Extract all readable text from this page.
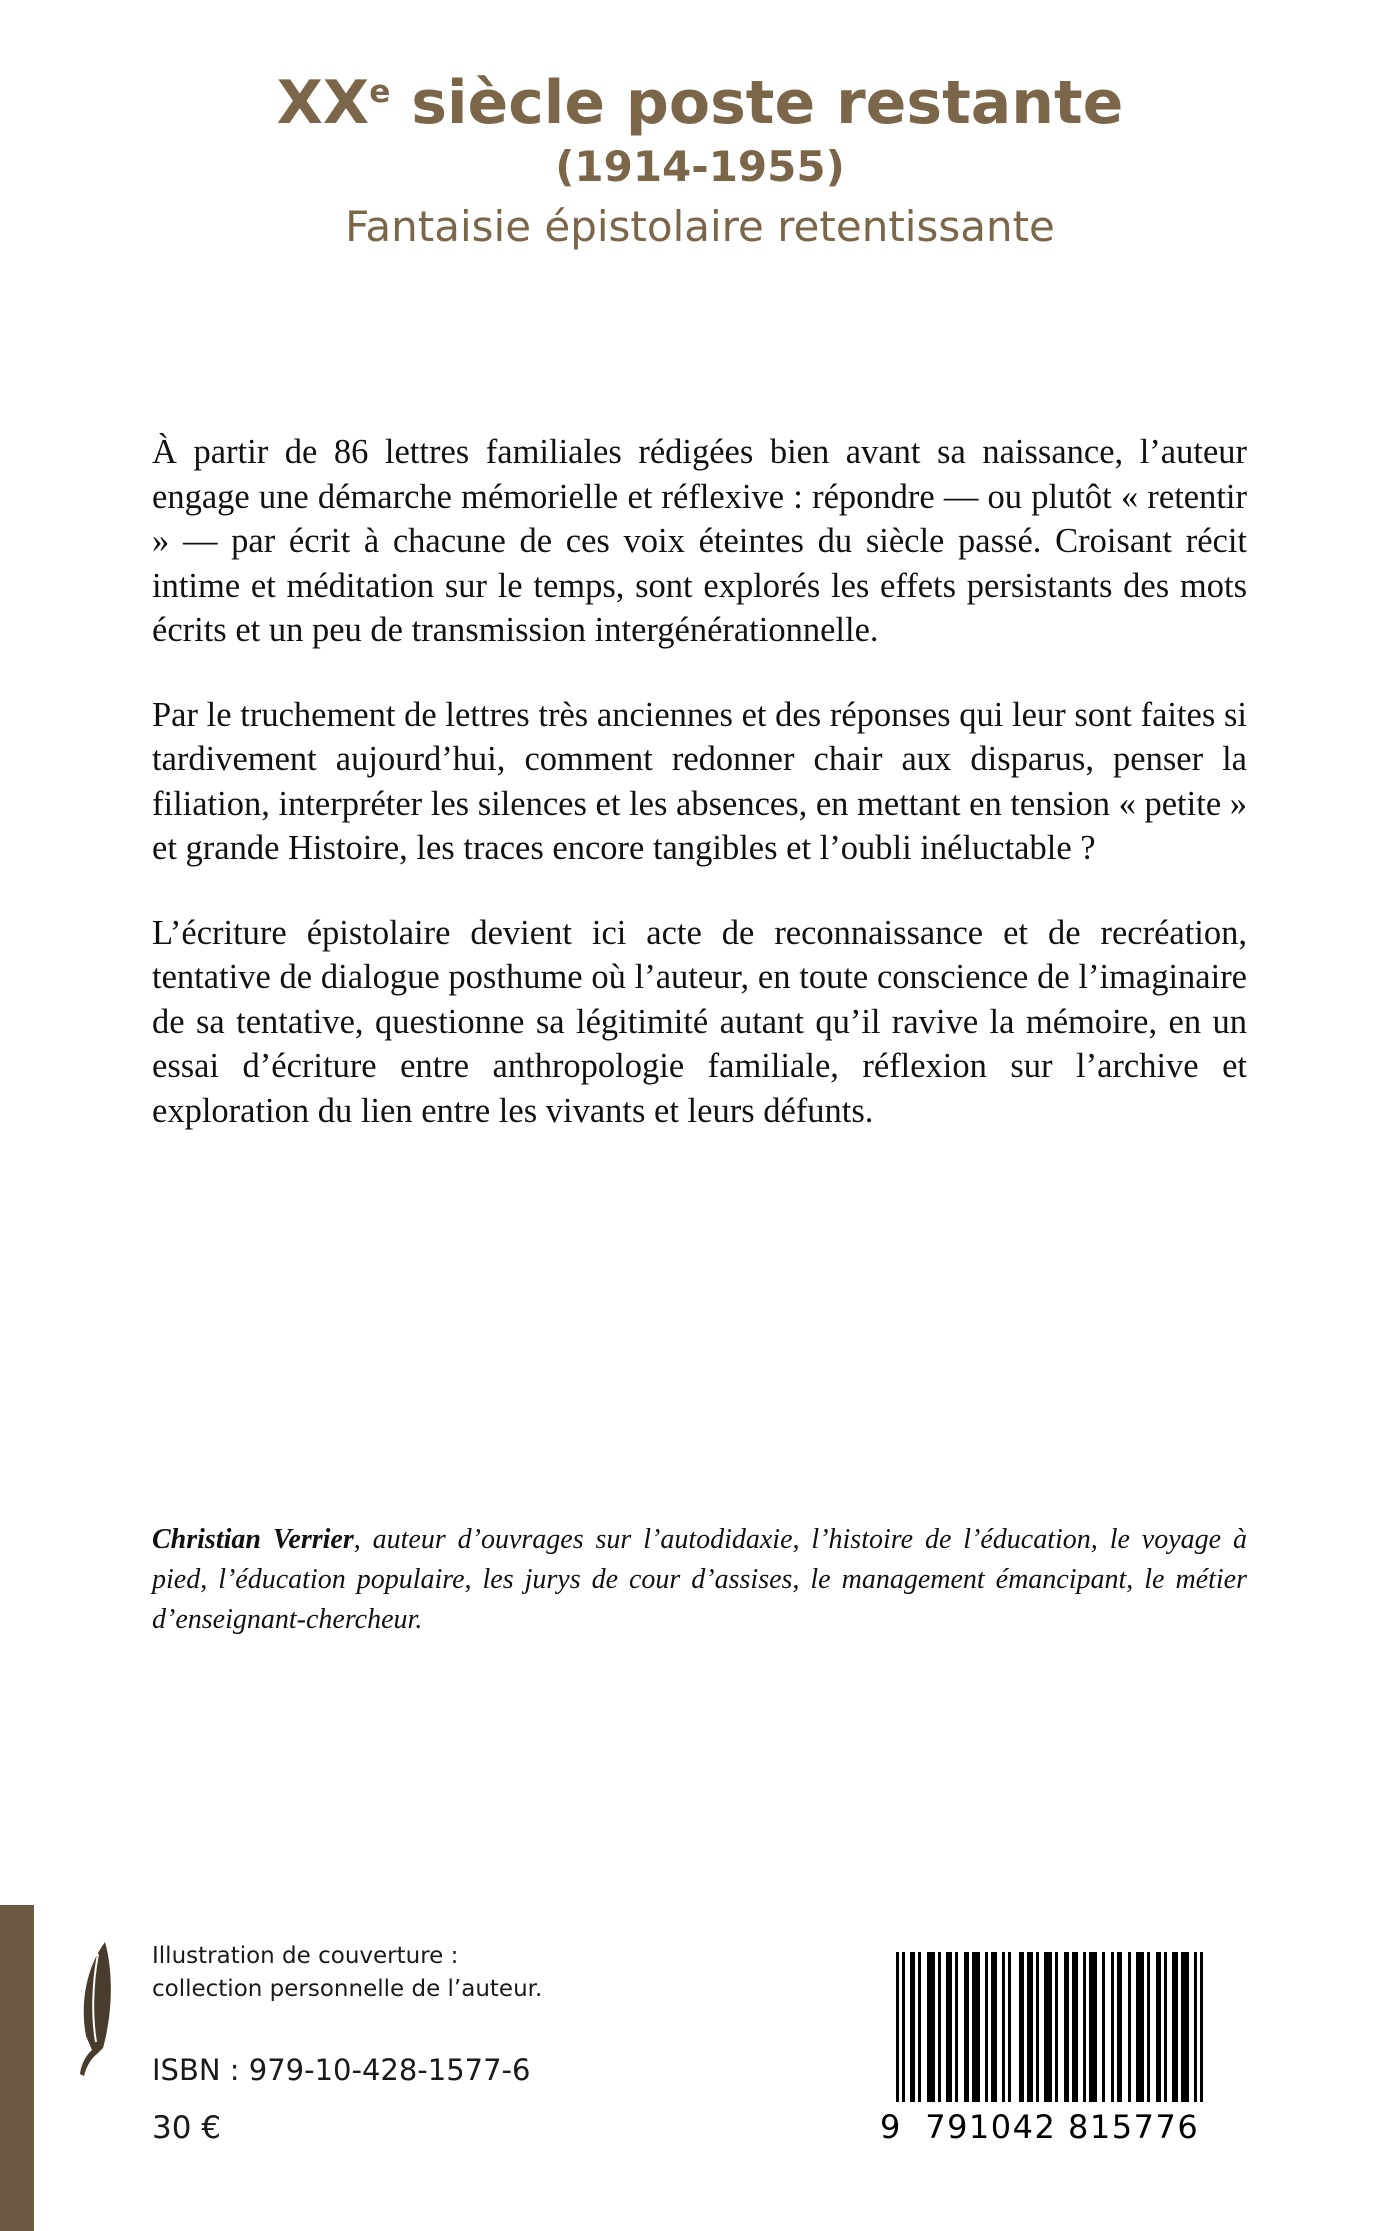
XXe siècle poste restante
(1914-1955)
Fantaisie épistolaire retentissante

À partir de 86 lettres familiales rédigées bien avant sa naissance, l’auteur engage une démarche mémorielle et réflexive : répondre — ou plutôt « retentir » — par écrit à chacune de ces voix éteintes du siècle passé. Croisant récit intime et méditation sur le temps, sont explorés les effets persistants des mots écrits et un peu de transmission intergénérationnelle.

Par le truchement de lettres très anciennes et des réponses qui leur sont faites si tardivement aujourd’hui, comment redonner chair aux disparus, penser la filiation, interpréter les silences et les absences, en mettant en tension « petite » et grande Histoire, les traces encore tangibles et l’oubli inéluctable ?

L’écriture épistolaire devient ici acte de reconnaissance et de recréation, tentative de dialogue posthume où l’auteur, en toute conscience de l’imaginaire de sa tentative, questionne sa légitimité autant qu’il ravive la mémoire, en un essai d’écriture entre anthropologie familiale, réflexion sur l’archive et exploration du lien entre les vivants et leurs défunts.

Christian Verrier, auteur d’ouvrages sur l’autodidaxie, l’histoire de l’éducation, le voyage à pied, l’éducation populaire, les jurys de cour d’assises, le management émancipant, le métier d’enseignant-chercheur.
Illustration de couverture :
collection personnelle de l’auteur.
ISBN : 979-10-428-1577-6
30 €	9  791042 815776
